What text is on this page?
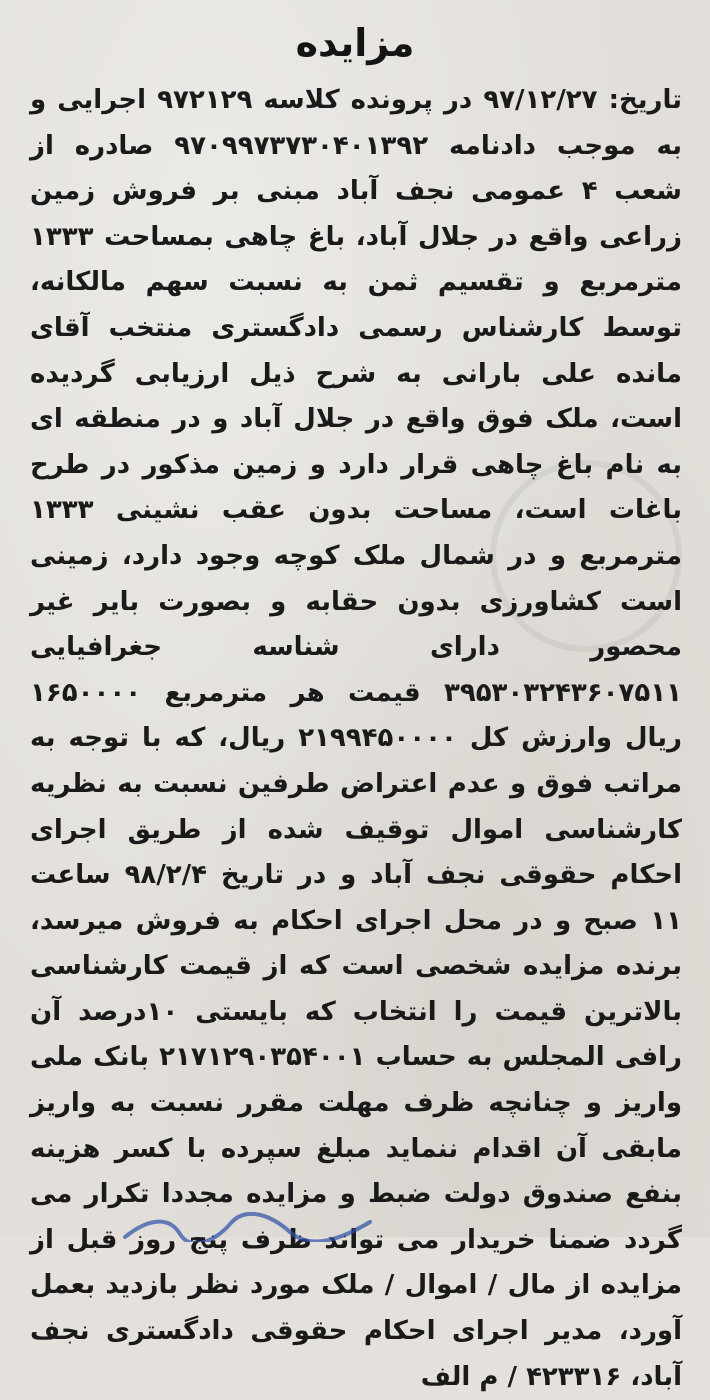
مزایده
تاریخ: ۹۷/۱۲/۲۷ در پرونده کلاسه ۹۷۲۱۲۹ اجرایی و به موجب دادنامه ۹۷۰۹۹۷۳۷۳۰۴۰۱۳۹۲ صادره از شعب ۴ عمومی نجف آباد مبنی بر فروش زمین زراعی واقع در جلال آباد، باغ چاهی بمساحت ۱۳۳۳ مترمربع و تقسیم ثمن به نسبت سهم مالکانه، توسط کارشناس رسمی دادگستری منتخب آقای مانده علی بارانی به شرح ذیل ارزیابی گردیده است، ملک فوق واقع در جلال آباد و در منطقه ای به نام باغ چاهی قرار دارد و زمین مذکور در طرح باغات است، مساحت بدون عقب نشینی ۱۳۳۳ مترمربع و در شمال ملک کوچه وجود دارد، زمینی است کشاورزی بدون حقابه و بصورت بایر غیر محصور دارای شناسه جغرافیایی ۳۹۵۳۰۳۲۴۳۶۰۷۵۱۱ قیمت هر مترمربع ۱۶۵۰۰۰۰ ریال وارزش کل ۲۱۹۹۴۵۰۰۰۰ ریال، که با توجه به مراتب فوق و عدم اعتراض طرفین نسبت به نظریه کارشناسی اموال توقیف شده از طریق اجرای احکام حقوقی نجف آباد و در تاریخ ۹۸/۲/۴ ساعت ۱۱ صبح و در محل اجرای احکام به فروش میرسد، برنده مزایده شخصی است که از قیمت کارشناسی بالاترین قیمت را انتخاب که بایستی ۱۰درصد آن رافی المجلس به حساب ۲۱۷۱۲۹۰۳۵۴۰۰۱ بانک ملی واریز و چنانچه ظرف مهلت مقرر نسبت به واریز مابقی آن اقدام ننماید مبلغ سپرده با کسر هزینه بنفع صندوق دولت ضبط و مزایده مجددا تکرار می گردد ضمنا خریدار می تواند ظرف پنج روز قبل از مزایده از مال / اموال / ملک مورد نظر بازدید بعمل آورد، مدیر اجرای احکام حقوقی دادگستری نجف آباد، ۴۲۳۳۱۶ / م الف
